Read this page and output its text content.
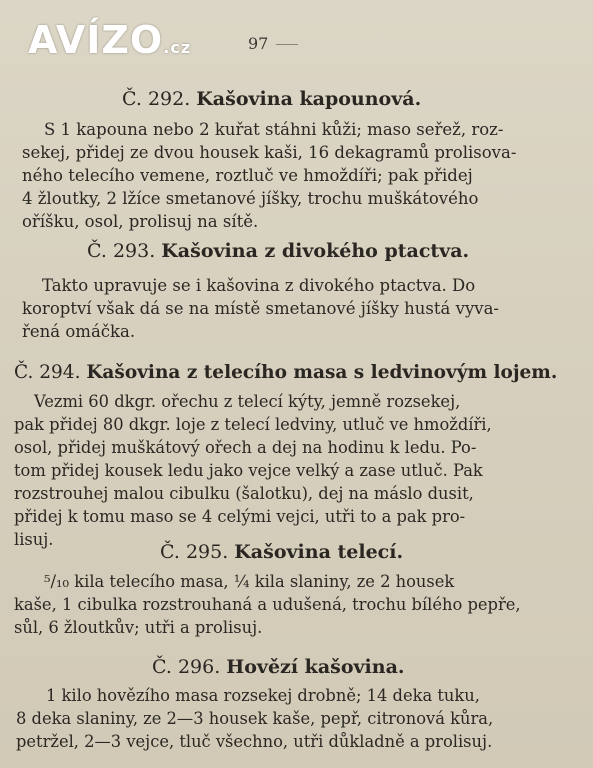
AVÍZO.cz	97
Č. 292. Kašovina kapounová.
S 1 kapouna nebo 2 kuřat stáhni kůži; maso seřež, roz-
sekej, přidej ze dvou housek kaši, 16 dekagramů prolisova-
ného telecího vemene, roztluč ve hmoždíři; pak přidej
4 žloutky, 2 lžíce smetanové jíšky, trochu muškátového
oříšku, osol, prolisuj na sítě.
Č. 293. Kašovina z divokého ptactva.
Takto upravuje se i kašovina z divokého ptactva. Do
koroptví však dá se na místě smetanové jíšky hustá vyva-
řená omáčka.
Č. 294. Kašovina z telecího masa s ledvinovým lojem.
Vezmi 60 dkgr. ořechu z telecí kýty, jemně rozsekej,
pak přidej 80 dkgr. loje z telecí ledviny, utluč ve hmoždíři,
osol, přidej muškátový ořech a dej na hodinu k ledu. Po-
tom přidej kousek ledu jako vejce velký a zase utluč. Pak
rozstrouhej malou cibulku (šalotku), dej na máslo dusit,
přidej k tomu maso se 4 celými vejci, utři to a pak pro-
lisuj.
Č. 295. Kašovina telecí.
⁵/₁₀ kila telecího masa, ¼ kila slaniny, ze 2 housek
kaše, 1 cibulka rozstrouhaná a udušená, trochu bílého pepře,
sůl, 6 žloutkův; utři a prolisuj.
Č. 296. Hovězí kašovina.
1 kilo hovězího masa rozsekej drobně; 14 deka tuku,
8 deka slaniny, ze 2—3 housek kaše, pepř, citronová kůra,
petržel, 2—3 vejce, tluč všechno, utři důkladně a prolisuj.
